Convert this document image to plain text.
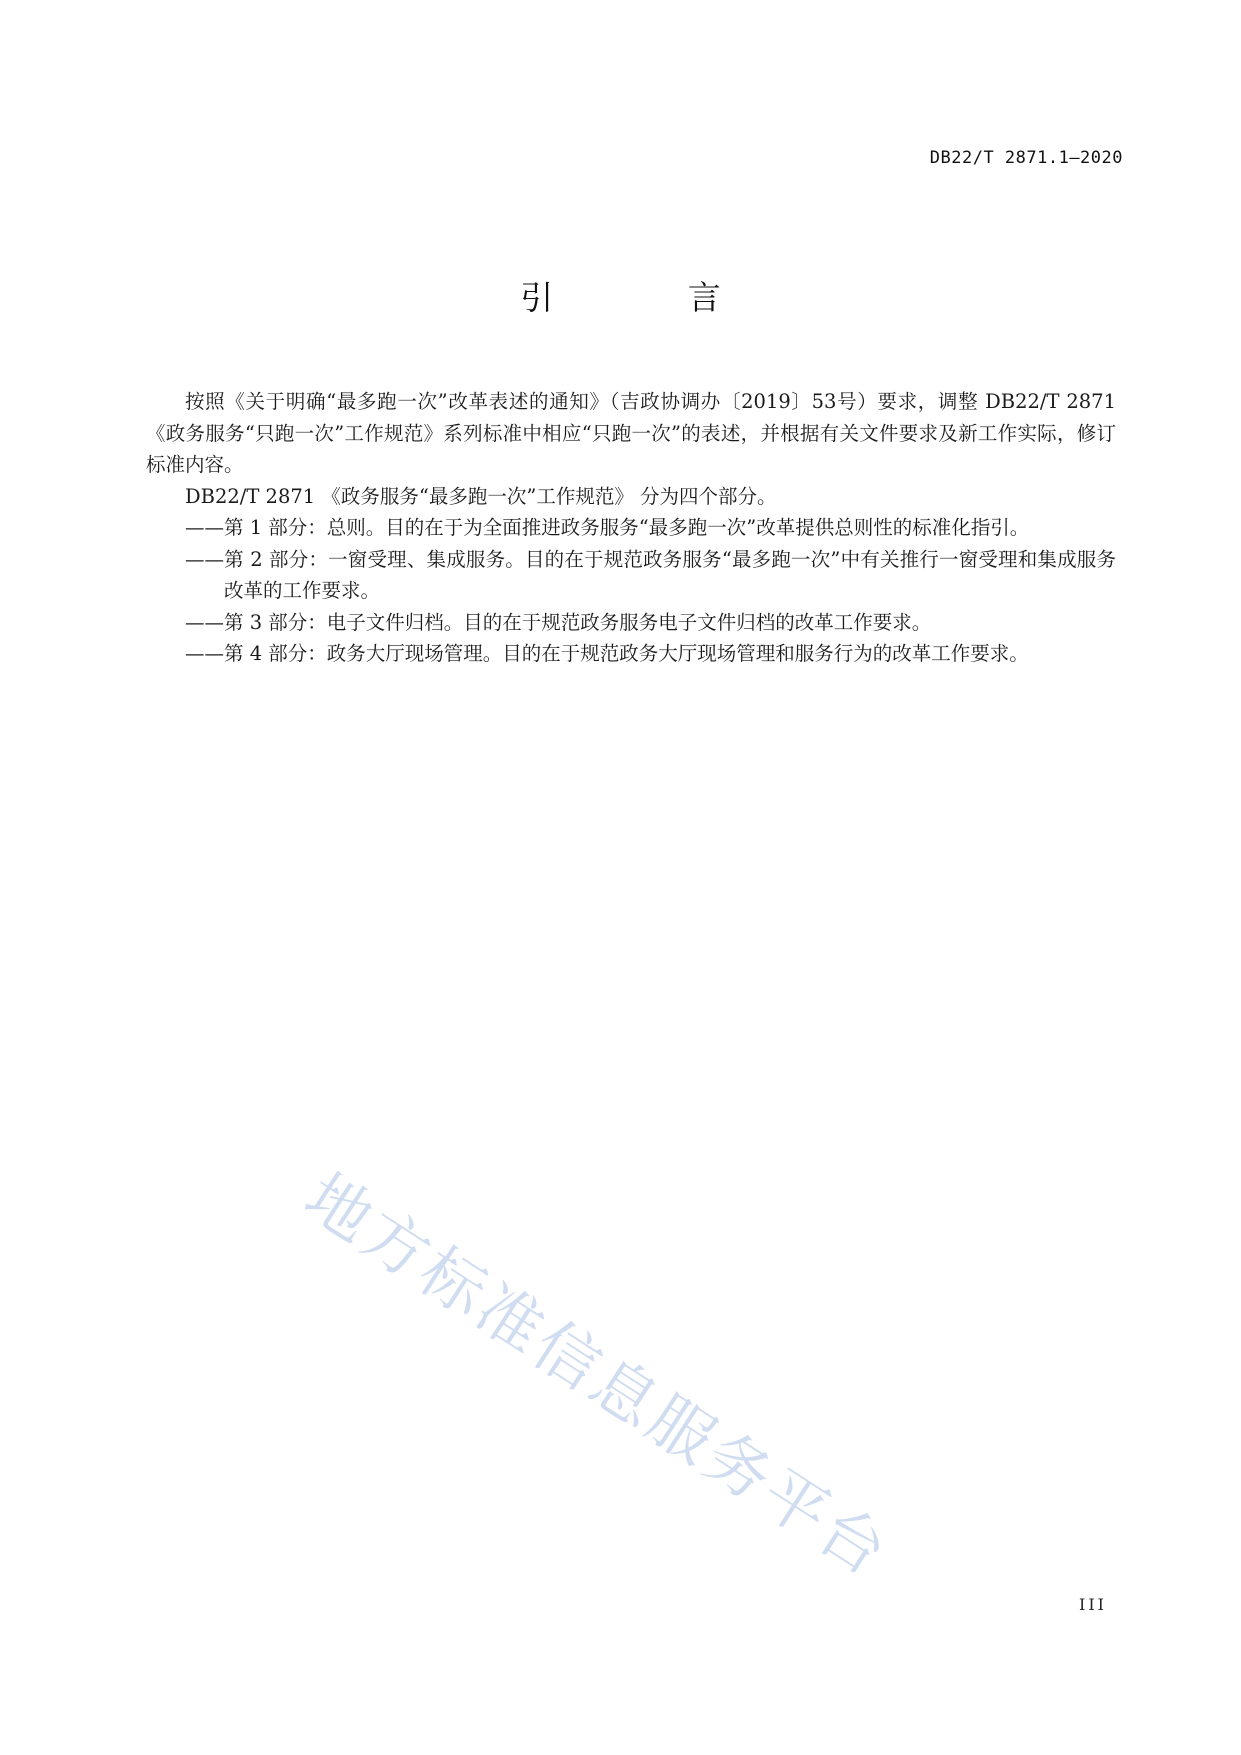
DB22/T 2871.1—2020
引 言

按照《关于明确“最多跑一次”改革表述的通知》（吉政协调办〔2019〕53号）要求，调整 DB22/T 2871 《政务服务“只跑一次”工作规范》系列标准中相应“只跑一次”的表述，并根据有关文件要求及新工作实际，修订标准内容。

DB22/T 2871 《政务服务“最多跑一次”工作规范》 分为四个部分。

——第 1 部分：总则。目的在于为全面推进政务服务“最多跑一次”改革提供总则性的标准化指引。

——第 2 部分：一窗受理、集成服务。目的在于规范政务服务“最多跑一次”中有关推行一窗受理和集成服务改革的工作要求。

——第 3 部分：电子文件归档。目的在于规范政务服务电子文件归档的改革工作要求。

——第 4 部分：政务大厅现场管理。目的在于规范政务大厅现场管理和服务行为的改革工作要求。

地方标准信息服务平台
III
